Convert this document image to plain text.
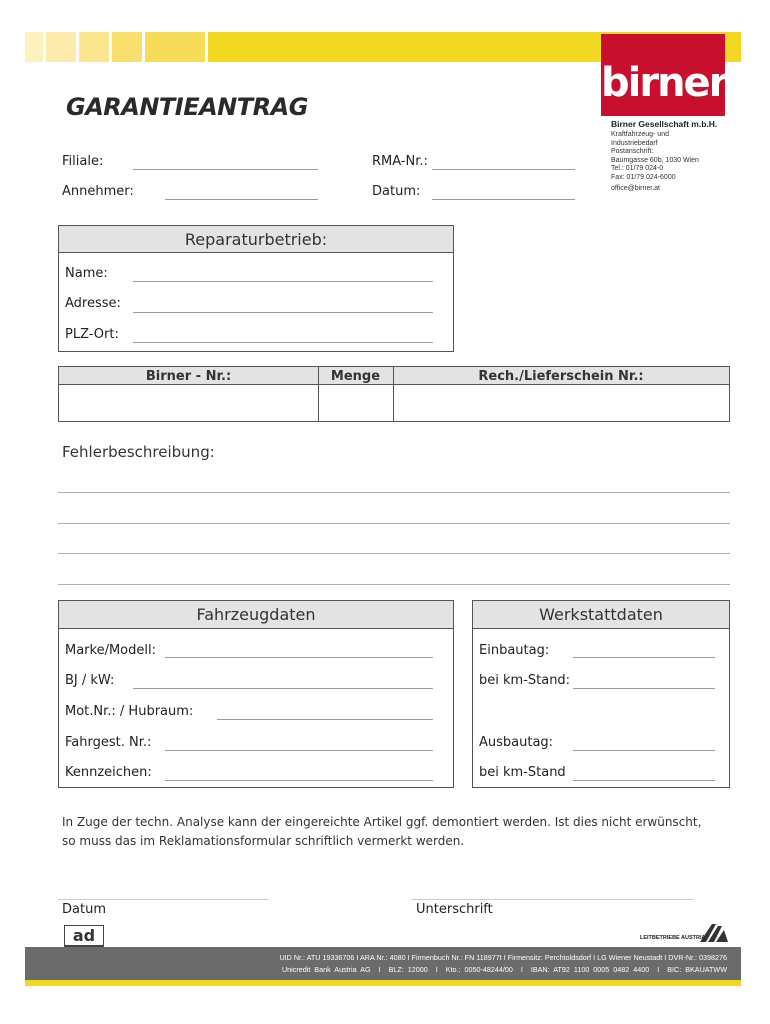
birner
Birner Gesellschaft m.b.H.
Kraftfahrzeug- und
Industriebedarf
Postanschrift:
Baumgasse 60b, 1030 Wien
Tel.: 01/79 024-0
Fax: 01/79 024-6000
office@birner.at
GARANTIEANTRAG
Filiale:	RMA-Nr.:
Annehmer:	Datum:
Reparaturbetrieb:
Name:
Adresse:
PLZ-Ort:
Birner - Nr.:	Menge	Rech./Lieferschein Nr.:
Fehlerbeschreibung:
Fahrzeugdaten
Marke/Modell:
BJ / kW:
Mot.Nr.: / Hubraum:
Fahrgest. Nr.:
Kennzeichen:
Werkstattdaten
Einbautag:
bei km-Stand:
Ausbautag:
bei km-Stand
In Zuge der techn. Analyse kann der eingereichte Artikel ggf. demontiert werden. Ist dies nicht erwünscht,
so muss das im Reklamationsformular schriftlich vermerkt werden.
Datum	Unterschrift
ad	LEITBETRIEBE AUSTRIA
UID Nr.: ATU 19336706 I ARA Nr.: 4080 I Firmenbuch Nr.: FN 118977t I Firmensitz: Perchtoldsdorf I LG Wiener Neustadt I DVR-Nr.: 0398276
Unicredit  Bank  Austria  AG    I    BLZ:  12000    I    Kto.:  0050-48244/00    I    IBAN:  AT92  1100  0005  0482  4400    I    BIC:  BKAUATWW
